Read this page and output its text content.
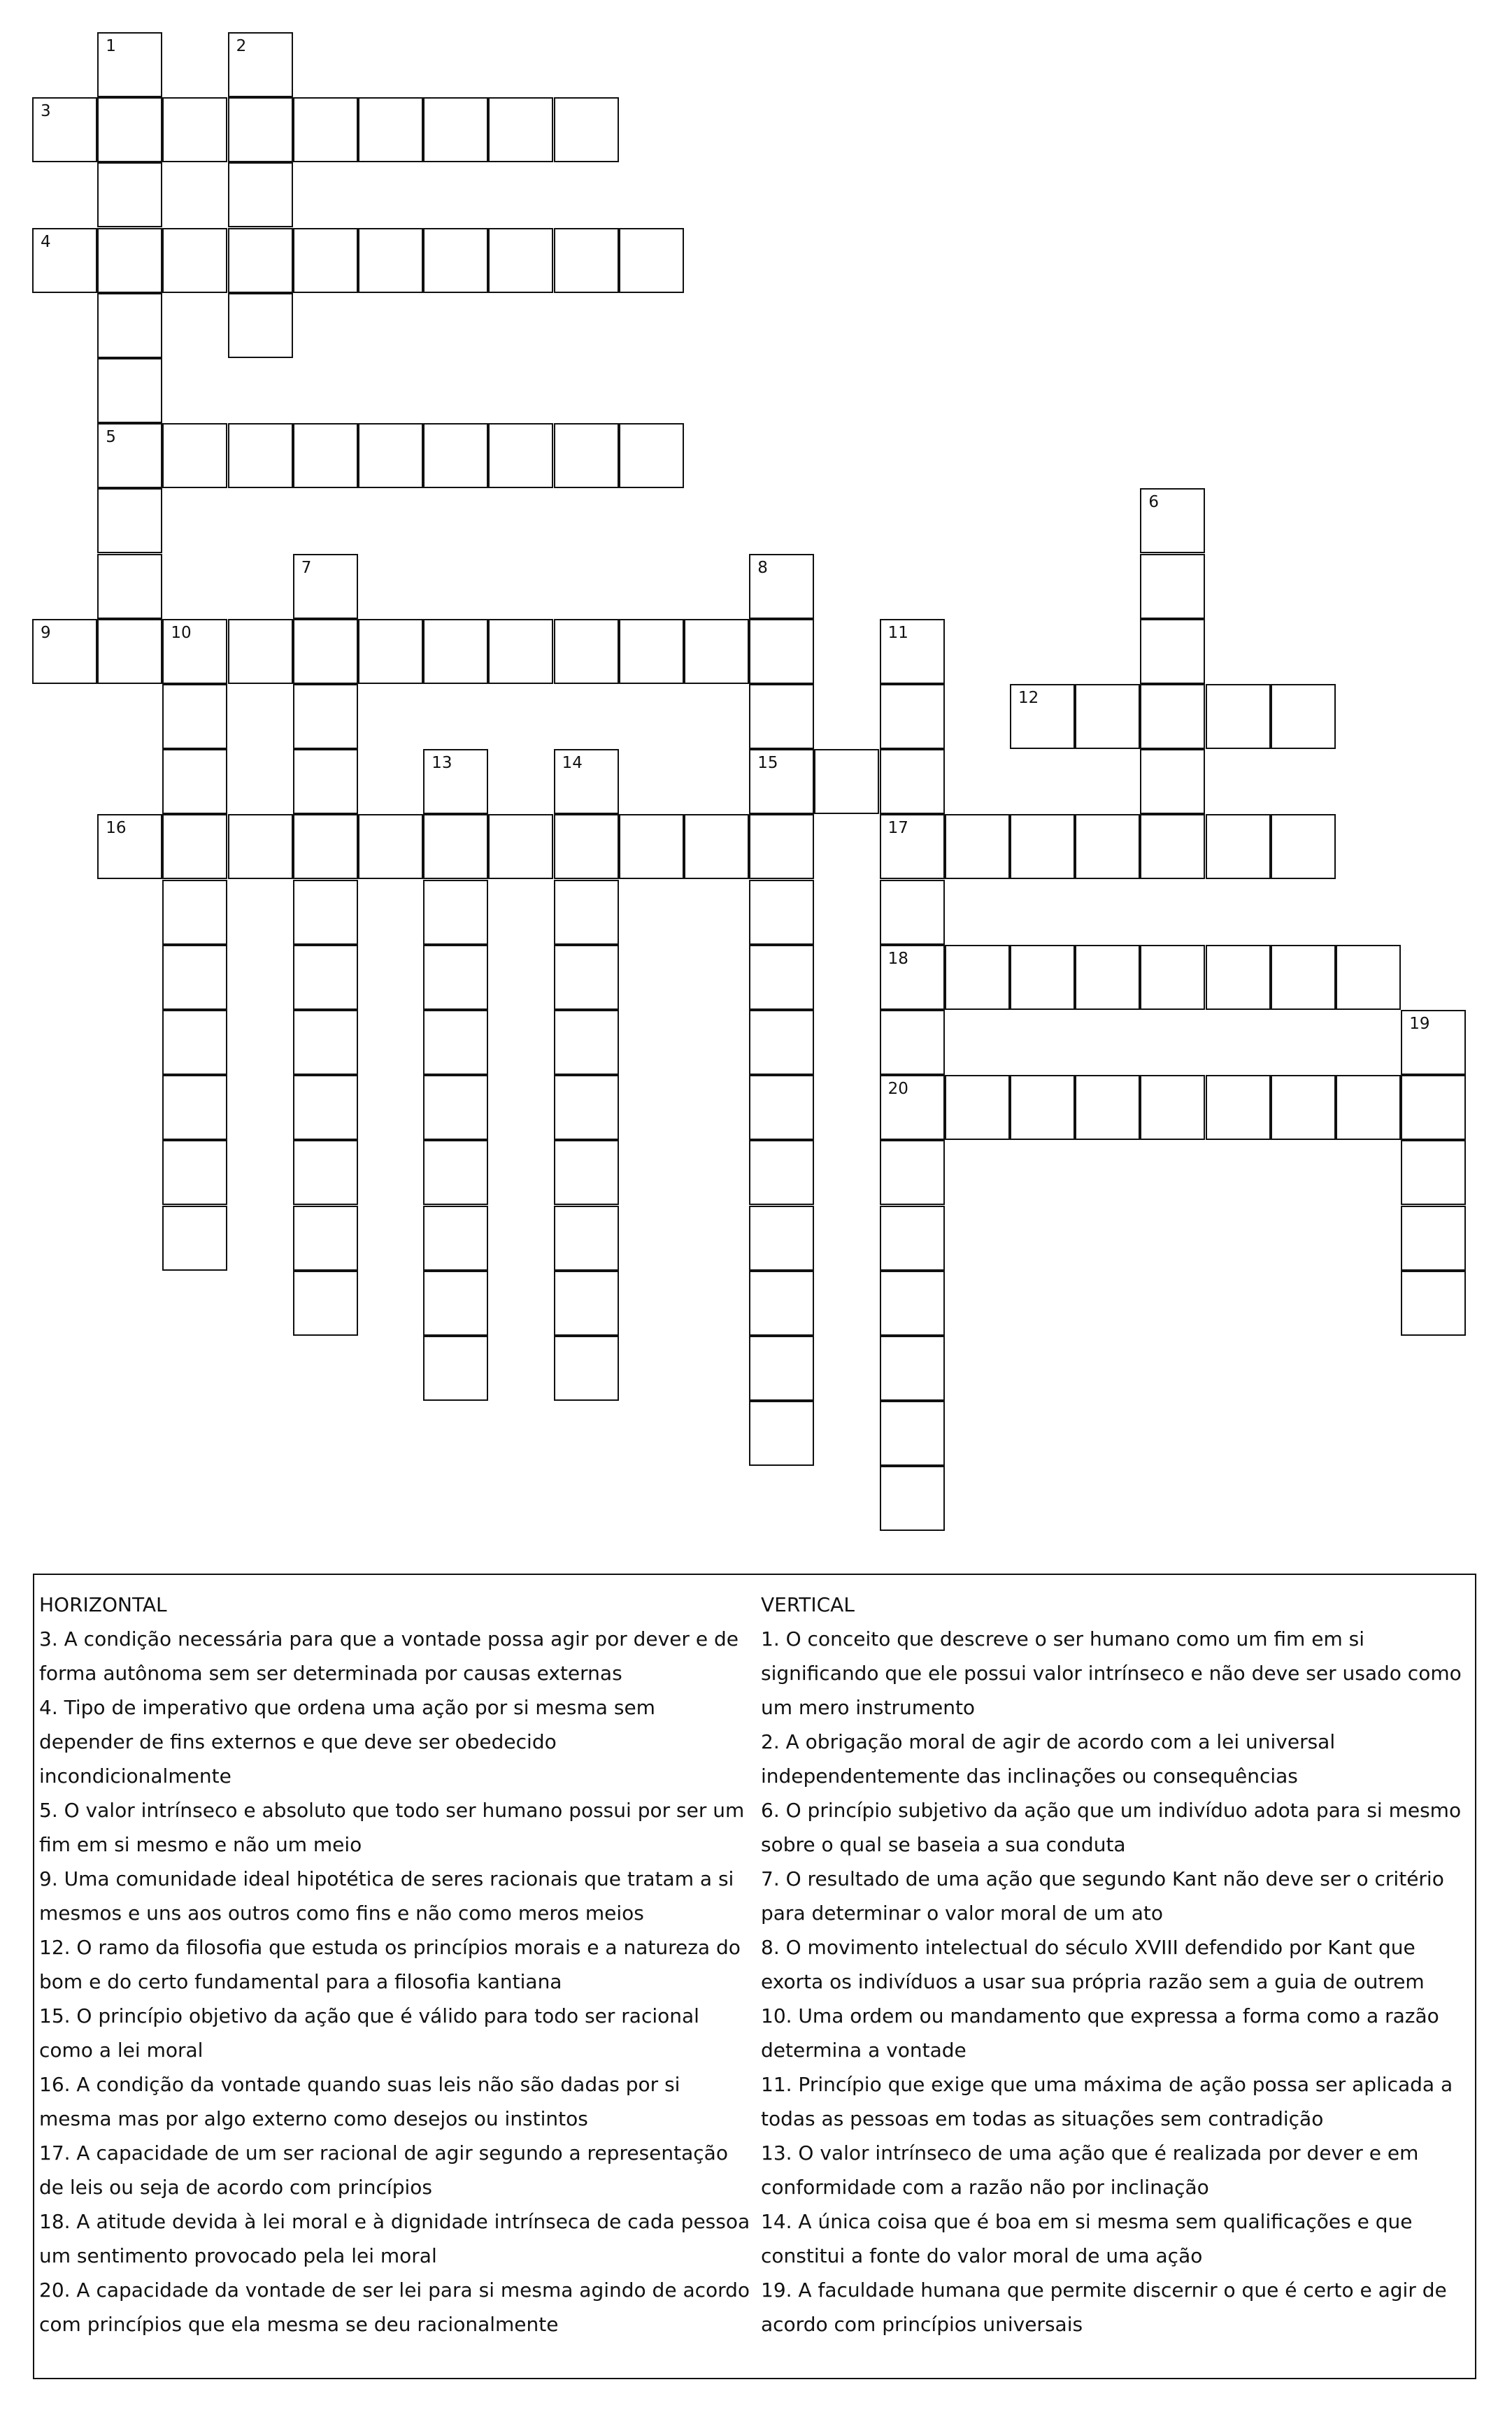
1
5
2
3
4
6
7	8
15
9	10	11
17
18
20
12
13	14
16
19
HORIZONTAL
3. A condição necessária para que a vontade possa agir por dever e de forma autônoma sem ser determinada por causas externas
4. Tipo de imperativo que ordena uma ação por si mesma sem depender de fins externos e que deve ser obedecido incondicionalmente
5. O valor intrínseco e absoluto que todo ser humano possui por ser um fim em si mesmo e não um meio
9. Uma comunidade ideal hipotética de seres racionais que tratam a si mesmos e uns aos outros como fins e não como meros meios
12. O ramo da filosofia que estuda os princípios morais e a natureza do bom e do certo fundamental para a filosofia kantiana
15. O princípio objetivo da ação que é válido para todo ser racional como a lei moral
16. A condição da vontade quando suas leis não são dadas por si mesma mas por algo externo como desejos ou instintos
17. A capacidade de um ser racional de agir segundo a representação de leis ou seja de acordo com princípios
18. A atitude devida à lei moral e à dignidade intrínseca de cada pessoa um sentimento provocado pela lei moral
20. A capacidade da vontade de ser lei para si mesma agindo de acordo com princípios que ela mesma se deu racionalmente
VERTICAL
1. O conceito que descreve o ser humano como um fim em si significando que ele possui valor intrínseco e não deve ser usado como um mero instrumento
2. A obrigação moral de agir de acordo com a lei universal independentemente das inclinações ou consequências
6. O princípio subjetivo da ação que um indivíduo adota para si mesmo sobre o qual se baseia a sua conduta
7. O resultado de uma ação que segundo Kant não deve ser o critério para determinar o valor moral de um ato
8. O movimento intelectual do século XVIII defendido por Kant que exorta os indivíduos a usar sua própria razão sem a guia de outrem
10. Uma ordem ou mandamento que expressa a forma como a razão determina a vontade
11. Princípio que exige que uma máxima de ação possa ser aplicada a todas as pessoas em todas as situações sem contradição
13. O valor intrínseco de uma ação que é realizada por dever e em conformidade com a razão não por inclinação
14. A única coisa que é boa em si mesma sem qualificações e que constitui a fonte do valor moral de uma ação
19. A faculdade humana que permite discernir o que é certo e agir de acordo com princípios universais
